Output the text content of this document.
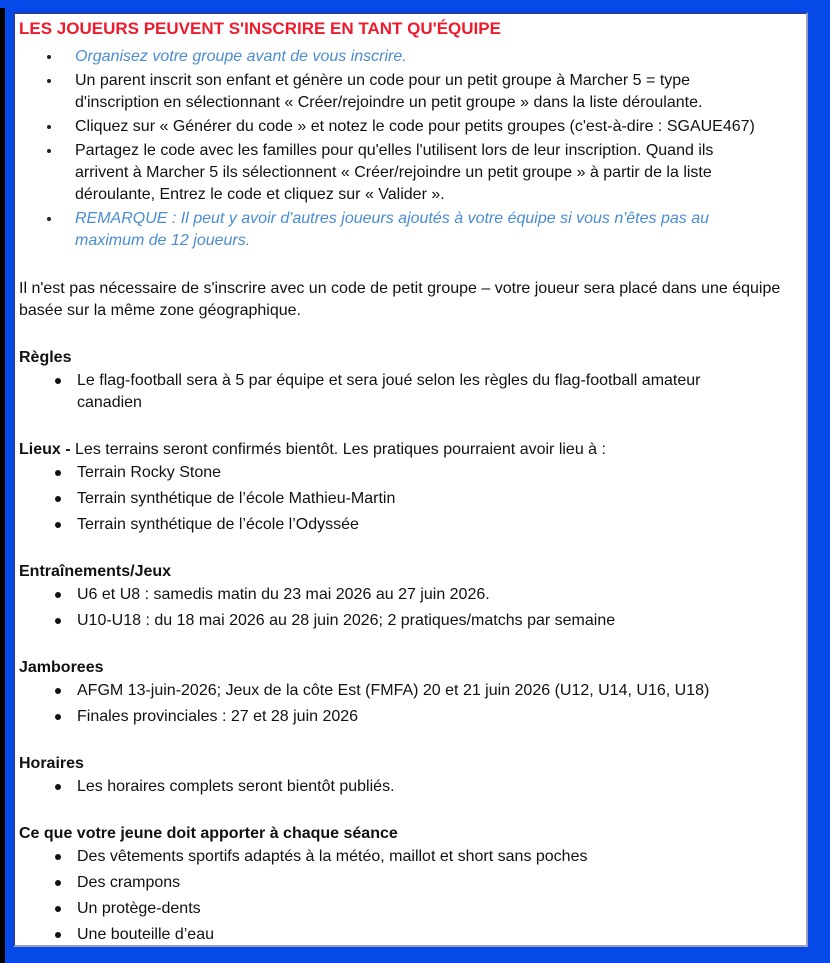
LES JOUEURS PEUVENT S'INSCRIRE EN TANT QU'ÉQUIPE
Organisez votre groupe avant de vous inscrire.
Un parent inscrit son enfant et génère un code pour un petit groupe à Marcher 5 = type d'inscription en sélectionnant « Créer/rejoindre un petit groupe » dans la liste déroulante.
Cliquez sur « Générer du code » et notez le code pour petits groupes (c'est-à-dire : SGAUE467)
Partagez le code avec les familles pour qu'elles l'utilisent lors de leur inscription. Quand ils arrivent à Marcher 5 ils sélectionnent « Créer/rejoindre un petit groupe » à partir de la liste déroulante, Entrez le code et cliquez sur « Valider ».
REMARQUE : Il peut y avoir d'autres joueurs ajoutés à votre équipe si vous n'êtes pas au maximum de 12 joueurs.
Il n'est pas nécessaire de s'inscrire avec un code de petit groupe – votre joueur sera placé dans une équipe basée sur la même zone géographique.
Règles
Le flag-football sera à 5 par équipe et sera joué selon les règles du flag-football amateur canadien
Lieux - Les terrains seront confirmés bientôt. Les pratiques pourraient avoir lieu à :
Terrain Rocky Stone
Terrain synthétique de l’école Mathieu-Martin
Terrain synthétique de l’école l’Odyssée
Entraînements/Jeux
U6 et U8 : samedis matin du 23 mai 2026 au 27 juin 2026.
U10-U18 : du 18 mai 2026 au 28 juin 2026; 2 pratiques/matchs par semaine
Jamborees
AFGM 13-juin-2026; Jeux de la côte Est (FMFA) 20 et 21 juin 2026 (U12, U14, U16, U18)
Finales provinciales : 27 et 28 juin 2026
Horaires
Les horaires complets seront bientôt publiés.
Ce que votre jeune doit apporter à chaque séance
Des vêtements sportifs adaptés à la météo, maillot et short sans poches
Des crampons
Un protège-dents
Une bouteille d’eau
